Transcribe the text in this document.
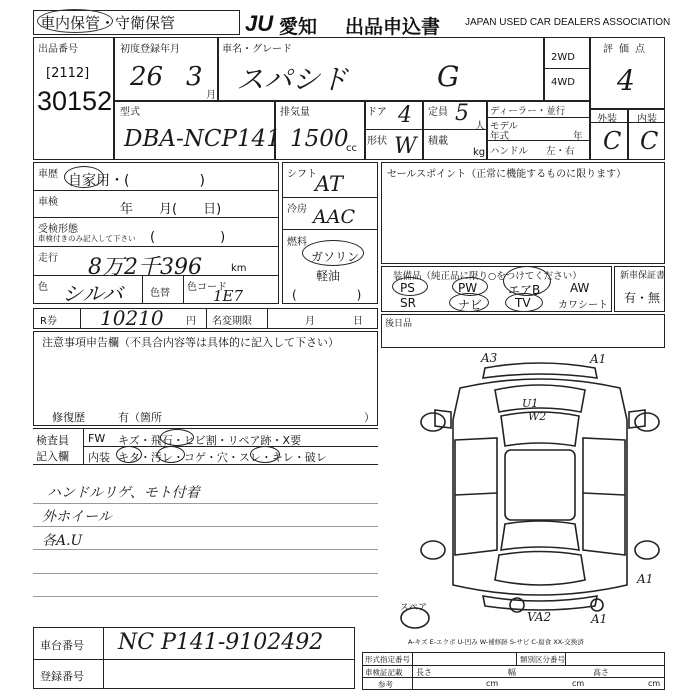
車内保管・守衛保管	JU 愛知 出品申込書 JAPAN USED CAR DEALERS ASSOCIATION
出品番号
[2112]
30152
初度登録年月
26 3
月
車名・グレード
スパシド	G
2WD
4WD
評価点
4
外装 内装
C C
型式
DBA-NCP141
排気量
1500
cc
ドア 4 定員 5
人
形状 W 積載
kg
ディーラー・並行
モデル
年式	年
ハンドル 左・右
車歴 自家用・(　　　　　)
車検	年　　月(　　日)
受検形態
車検付きのみ記入して下さい (　　　　　)
走行 8万2千396	km
色 シルバ	色替
色コード
1E7
シフト
AT
冷房 AAC
燃料
ガソリン
軽油
(　　　　　)
セールスポイント（正常に機能するものに限ります）
装備品（純正品に限り○をつけてください）
PS	PW	エアB AW
SR	ナビ	TV	カワシート
新車保証書
有・無
R券 10210 円 名変期限	月	日 後日品
注意事項申告欄（不具合内容等は具体的に記入して下さい）
修復歴	有（箇所	）
検査員
記入欄
FW キズ・飛石・ヒビ割・リペア跡・X要
内装 キタ・汚レ・コゲ・穴・スレ・キレ・破レ
ハンドルリゲ、モト付着
外ホイール
各A.U
A3	A1
U1
W2
A1
VA2	A1
スペア
A-キズ E-エクボ U-凹み W-補修跡 S-サビ C-腐食 XX-交換済
車台番号 NC P141-9102492
登録番号
形式指定番号	類別区分番号
車検証記載
参考
長さ
cm
幅
cm
高さ
cm
